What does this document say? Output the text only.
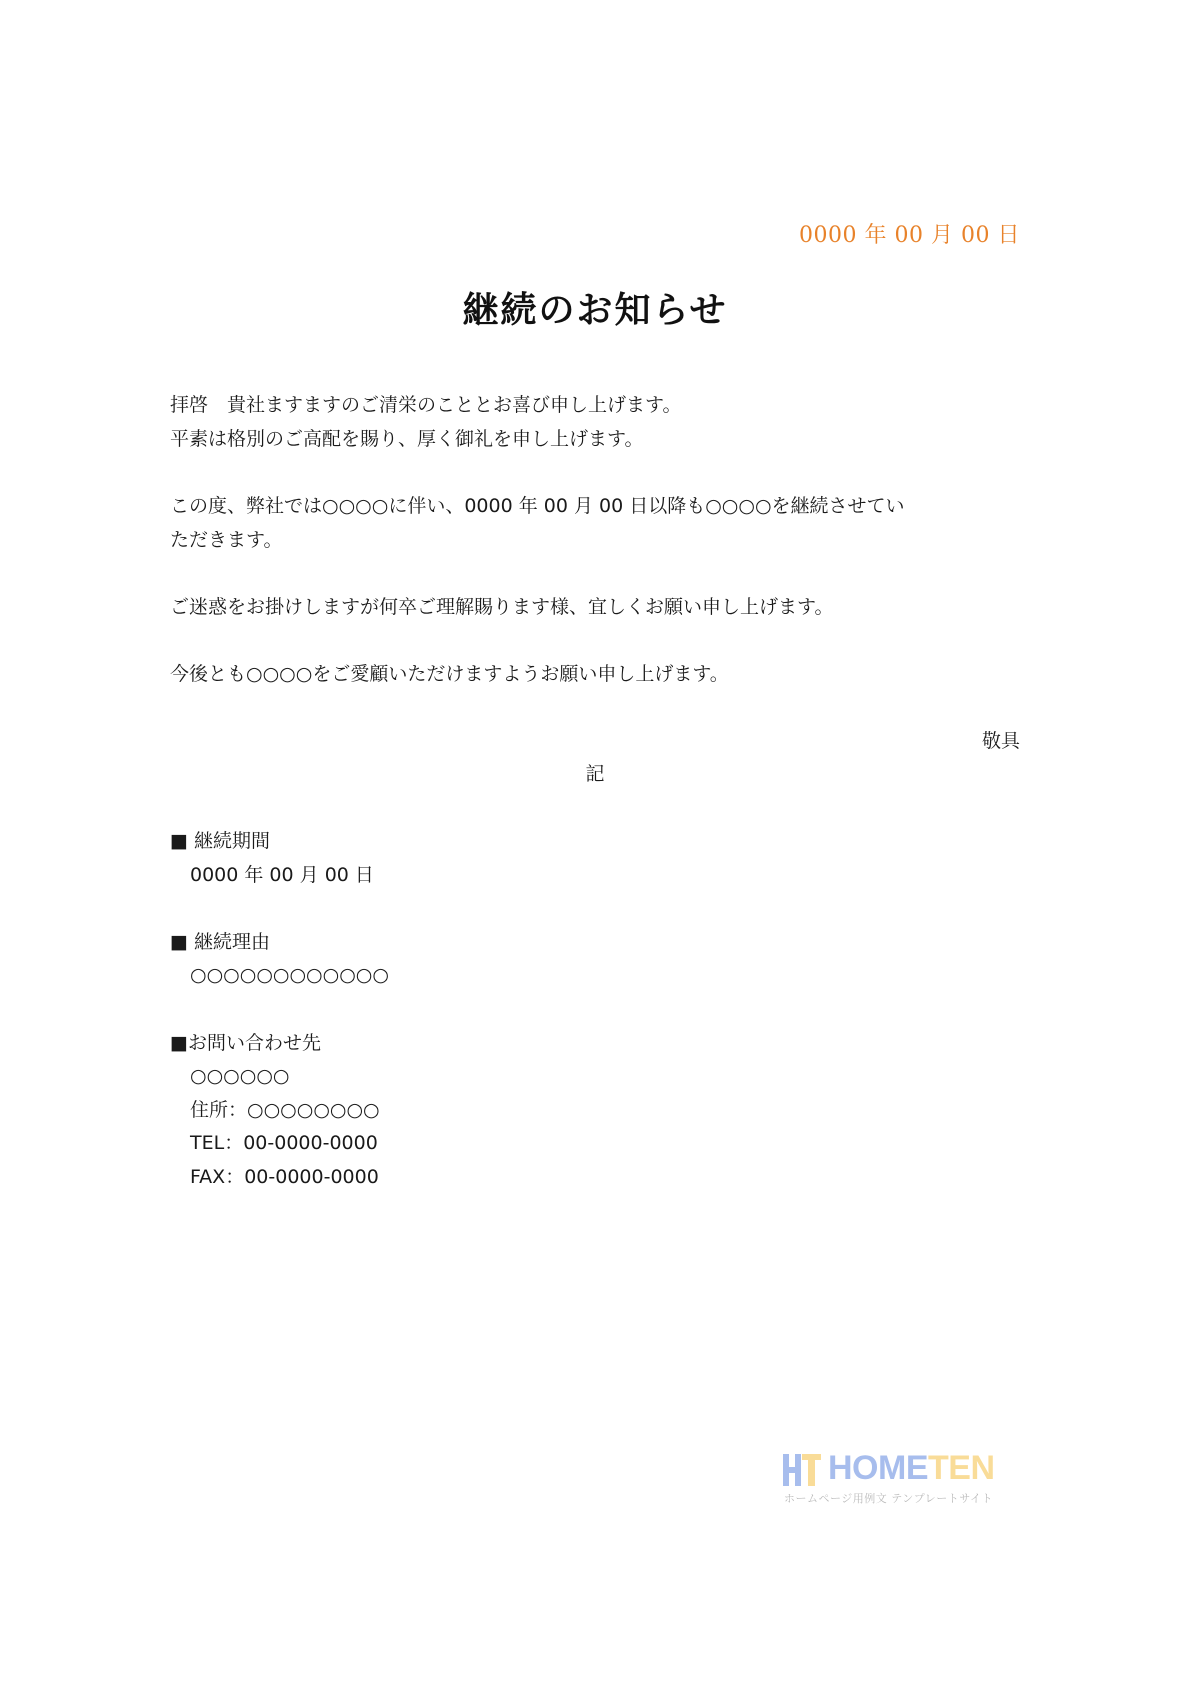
0000 年 00 月 00 日
継続のお知らせ
拝啓　貴社ますますのご清栄のこととお喜び申し上げます。
平素は格別のご高配を賜り、厚く御礼を申し上げます。
この度、弊社では○○○○に伴い、0000 年 00 月 00 日以降も○○○○を継続させてい
ただきます。
ご迷惑をお掛けしますが何卒ご理解賜ります様、宜しくお願い申し上げます。
今後とも○○○○をご愛顧いただけますようお願い申し上げます。
敬具
記
■ 継続期間
0000 年 00 月 00 日
■ 継続理由
○○○○○○○○○○○○
■お問い合わせ先
○○○○○○
住所：○○○○○○○○
TEL：00-0000-0000
FAX：00-0000-0000
HOMETEN
ホームページ用例文 テンプレートサイト
